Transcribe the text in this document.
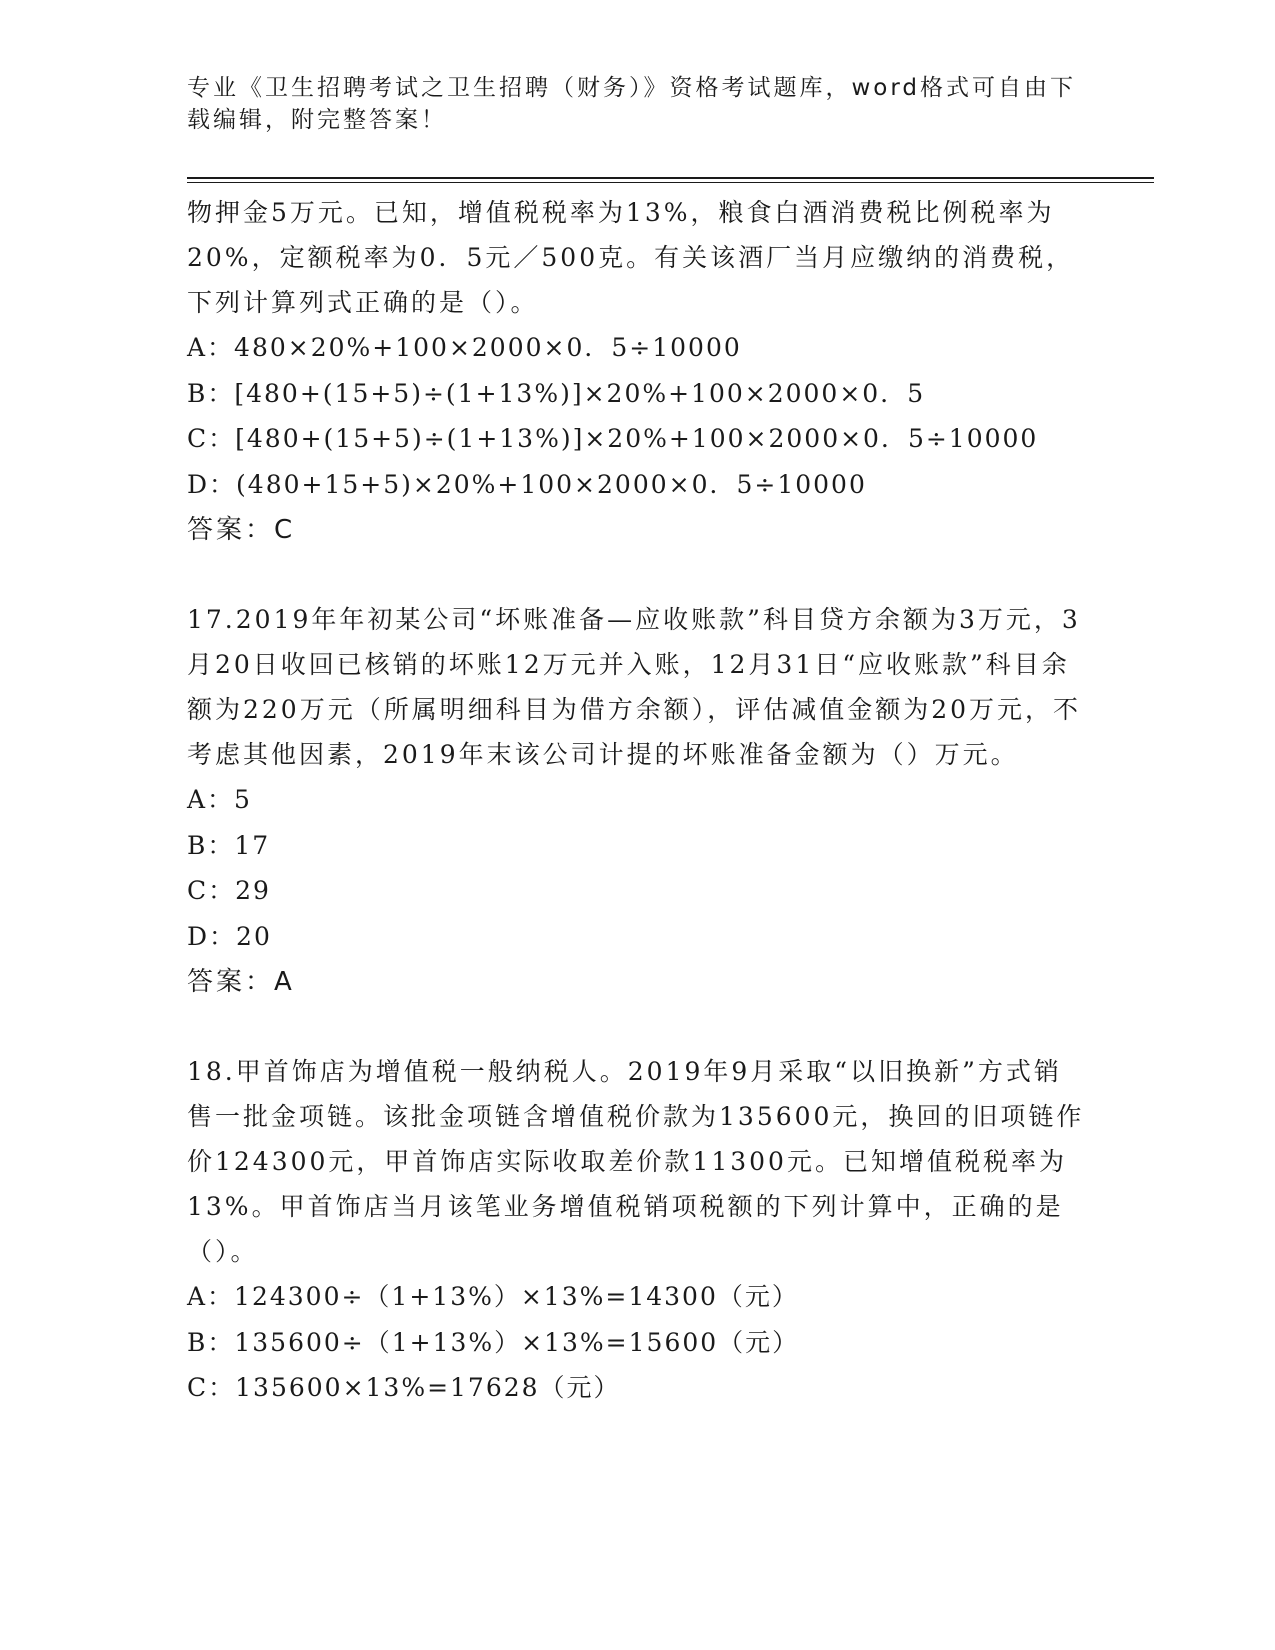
专业《卫生招聘考试之卫生招聘（财务）》资格考试题库，word格式可自由下载编辑，附完整答案！
物押金5万元。已知，增值税税率为13%，粮食白酒消费税比例税率为20%，定额税率为0．5元／500克。有关该酒厂当月应缴纳的消费税，下列计算列式正确的是（）。
A：480×20%+100×2000×0．5÷10000
B：[480+(15+5)÷(1+13%)]×20%+100×2000×0．5
C：[480+(15+5)÷(1+13%)]×20%+100×2000×0．5÷10000
D：(480+15+5)×20%+100×2000×0．5÷10000
答案：C
17.2019年年初某公司“坏账准备—应收账款”科目贷方余额为3万元，3月20日收回已核销的坏账12万元并入账，12月31日“应收账款”科目余额为220万元（所属明细科目为借方余额），评估减值金额为20万元，不考虑其他因素，2019年末该公司计提的坏账准备金额为（）万元。
A：5
B：17
C：29
D：20
答案：A
18.甲首饰店为增值税一般纳税人。2019年9月采取“以旧换新”方式销售一批金项链。该批金项链含增值税价款为135600元，换回的旧项链作价124300元，甲首饰店实际收取差价款11300元。已知增值税税率为13%。甲首饰店当月该笔业务增值税销项税额的下列计算中，正确的是（）。
A：124300÷（1+13%）×13%=14300（元）
B：135600÷（1+13%）×13%=15600（元）
C：135600×13%=17628（元）
